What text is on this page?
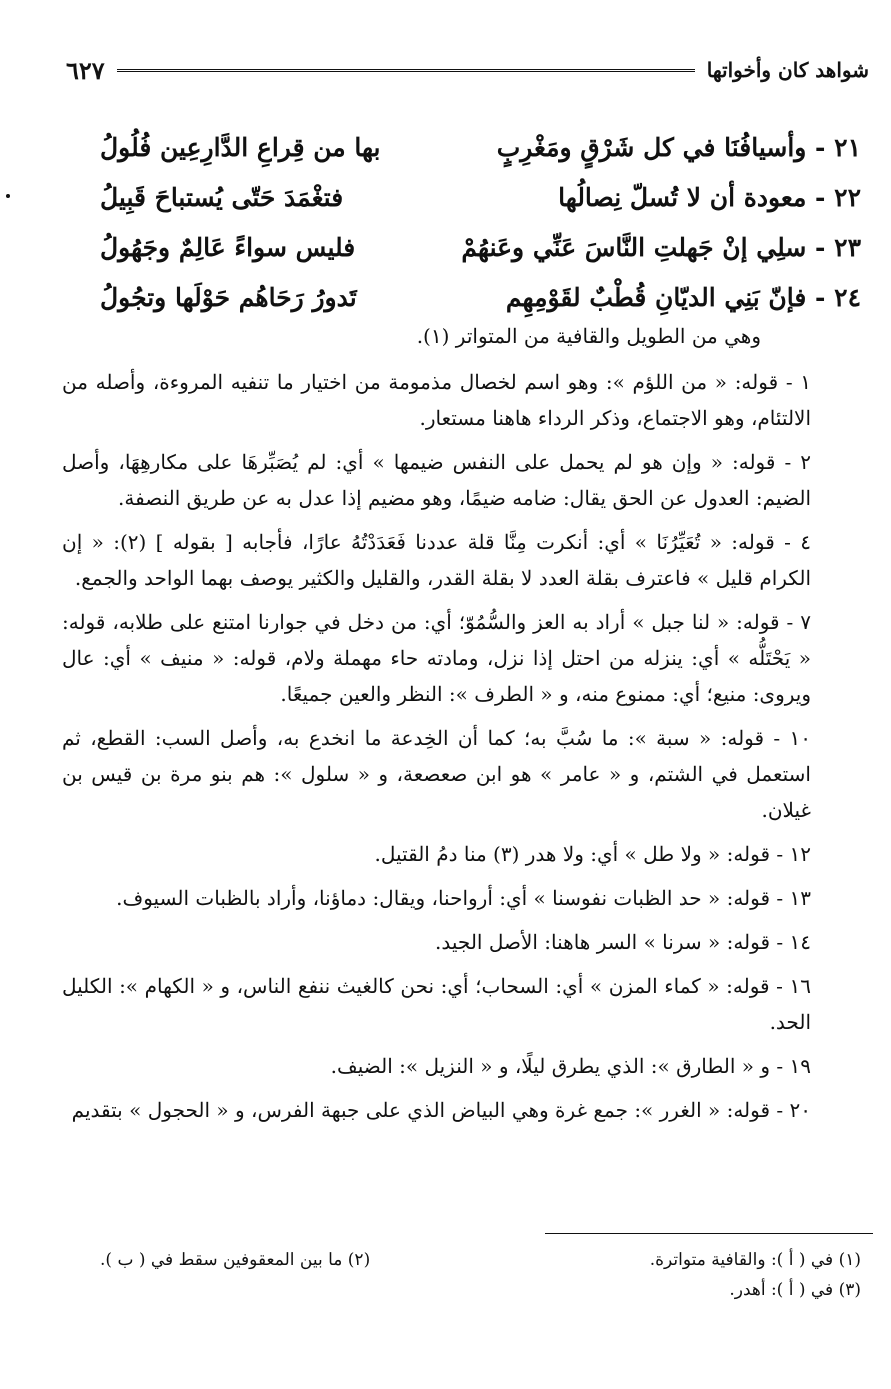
شواهد كان وأخواتها
٦٢٧
٢١ - وأسيافُنَا في كل شَرْقٍ ومَغْرِبٍ
بها من قِراعِ الدَّارِعِين فُلُولُ
٢٢ - معودة أن لا تُسلّ نِصالُها
فتغْمَدَ حَتّى يُستباحَ قَبِيلُ
٢٣ - سلِي إنْ جَهلتِ النَّاسَ عَنِّي وعَنهُمْ
فليس سواءً عَالِمٌ وجَهُولُ
٢٤ - فإنّ بَنِي الديّانِ قُطْبٌ لقَوْمِهِم
تَدورُ رَحَاهُم حَوْلَها وتجُولُ

وهي من الطويل والقافية من المتواتر (١).

١ - قوله: « من اللؤم »: وهو اسم لخصال مذمومة من اختيار ما تنفيه المروءة، وأصله من الالتئام، وهو الاجتماع، وذكر الرداء هاهنا مستعار.

٢ - قوله: « وإن هو لم يحمل على النفس ضيمها » أي: لم يُصَبِّرهَا على مكارهِهَا، وأصل الضيم: العدول عن الحق يقال: ضامه ضيمًا، وهو مضيم إذا عدل به عن طريق النصفة.

٤ - قوله: « تُعَيِّرُنَا » أي: أنكرت مِنَّا قلة عددنا فَعَدَدْتُهُ عارًا، فأجابه [ بقوله ] (٢): « إن الكرام قليل » فاعترف بقلة العدد لا بقلة القدر، والقليل والكثير يوصف بهما الواحد والجمع.

٧ - قوله: « لنا جبل » أراد به العز والسُّمُوّ؛ أي: من دخل في جوارنا امتنع على طلابه، قوله: « يَحْتَلُّه » أي: ينزله من احتل إذا نزل، ومادته حاء مهملة ولام، قوله: « منيف » أي: عال ويروى: منيع؛ أي: ممنوع منه، و « الطرف »: النظر والعين جميعًا.

١٠ - قوله: « سبة »: ما سُبَّ به؛ كما أن الخِدعة ما انخدع به، وأصل السب: القطع، ثم استعمل في الشتم، و « عامر » هو ابن صعصعة، و « سلول »: هم بنو مرة بن قيس بن غيلان.

١٢ - قوله: « ولا طل » أي: ولا هدر (٣) منا دمُ القتيل.

١٣ - قوله: « حد الظبات نفوسنا » أي: أرواحنا، ويقال: دماؤنا، وأراد بالظبات السيوف.

١٤ - قوله: « سرنا » السر هاهنا: الأصل الجيد.

١٦ - قوله: « كماء المزن » أي: السحاب؛ أي: نحن كالغيث ننفع الناس، و « الكهام »: الكليل الحد.

١٩ - و « الطارق »: الذي يطرق ليلًا، و « النزيل »: الضيف.

٢٠ - قوله: « الغرر »: جمع غرة وهي البياض الذي على جبهة الفرس، و « الحجول » بتقديم

(١) في ( أ ): والقافية متواترة.
(٢) ما بين المعقوفين سقط في ( ب ).
(٣) في ( أ ): أهدر.
